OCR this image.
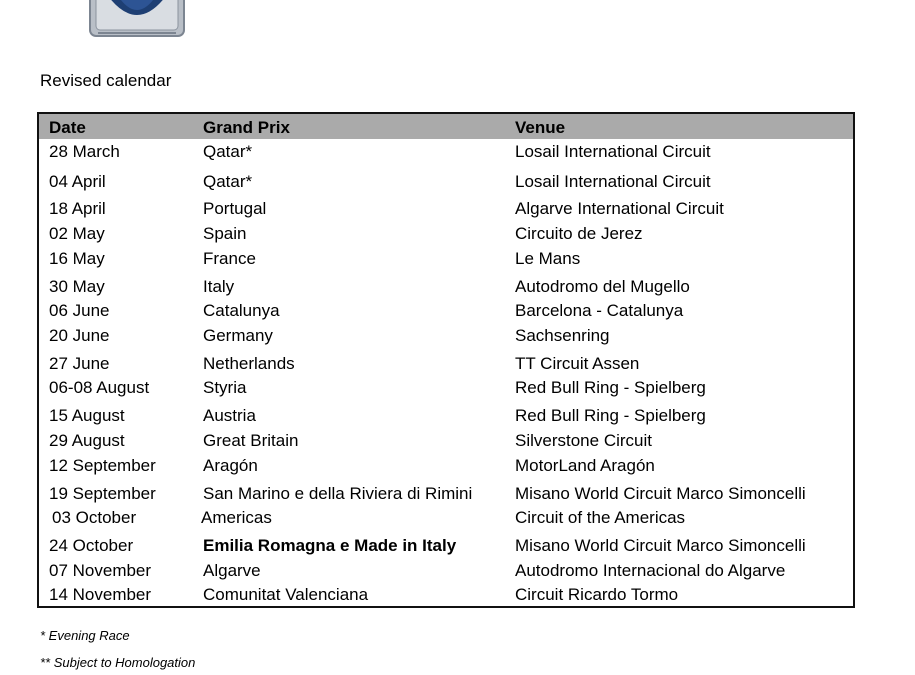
Revised calendar
Date	Grand Prix	Venue
28 March	Qatar*	Losail International Circuit
04 April	Qatar*	Losail International Circuit
18 April	Portugal	Algarve International Circuit
02 May	Spain	Circuito de Jerez
16 May	France	Le Mans
30 May	Italy	Autodromo del Mugello
06 June	Catalunya	Barcelona - Catalunya
20 June	Germany	Sachsenring
27 June	Netherlands	TT Circuit Assen
06-08 August	Styria	Red Bull Ring - Spielberg
15 August	Austria	Red Bull Ring - Spielberg
29 August	Great Britain	Silverstone Circuit
12 September	Aragón	MotorLand Aragón
19 September	San Marino e della Riviera di Rimini	Misano World Circuit Marco Simoncelli
03 October	Americas	Circuit of the Americas
24 October	Emilia Romagna e Made in Italy	Misano World Circuit Marco Simoncelli
07 November	Algarve	Autodromo Internacional do Algarve
14 November	Comunitat Valenciana	Circuit Ricardo Tormo
* Evening Race
** Subject to Homologation
